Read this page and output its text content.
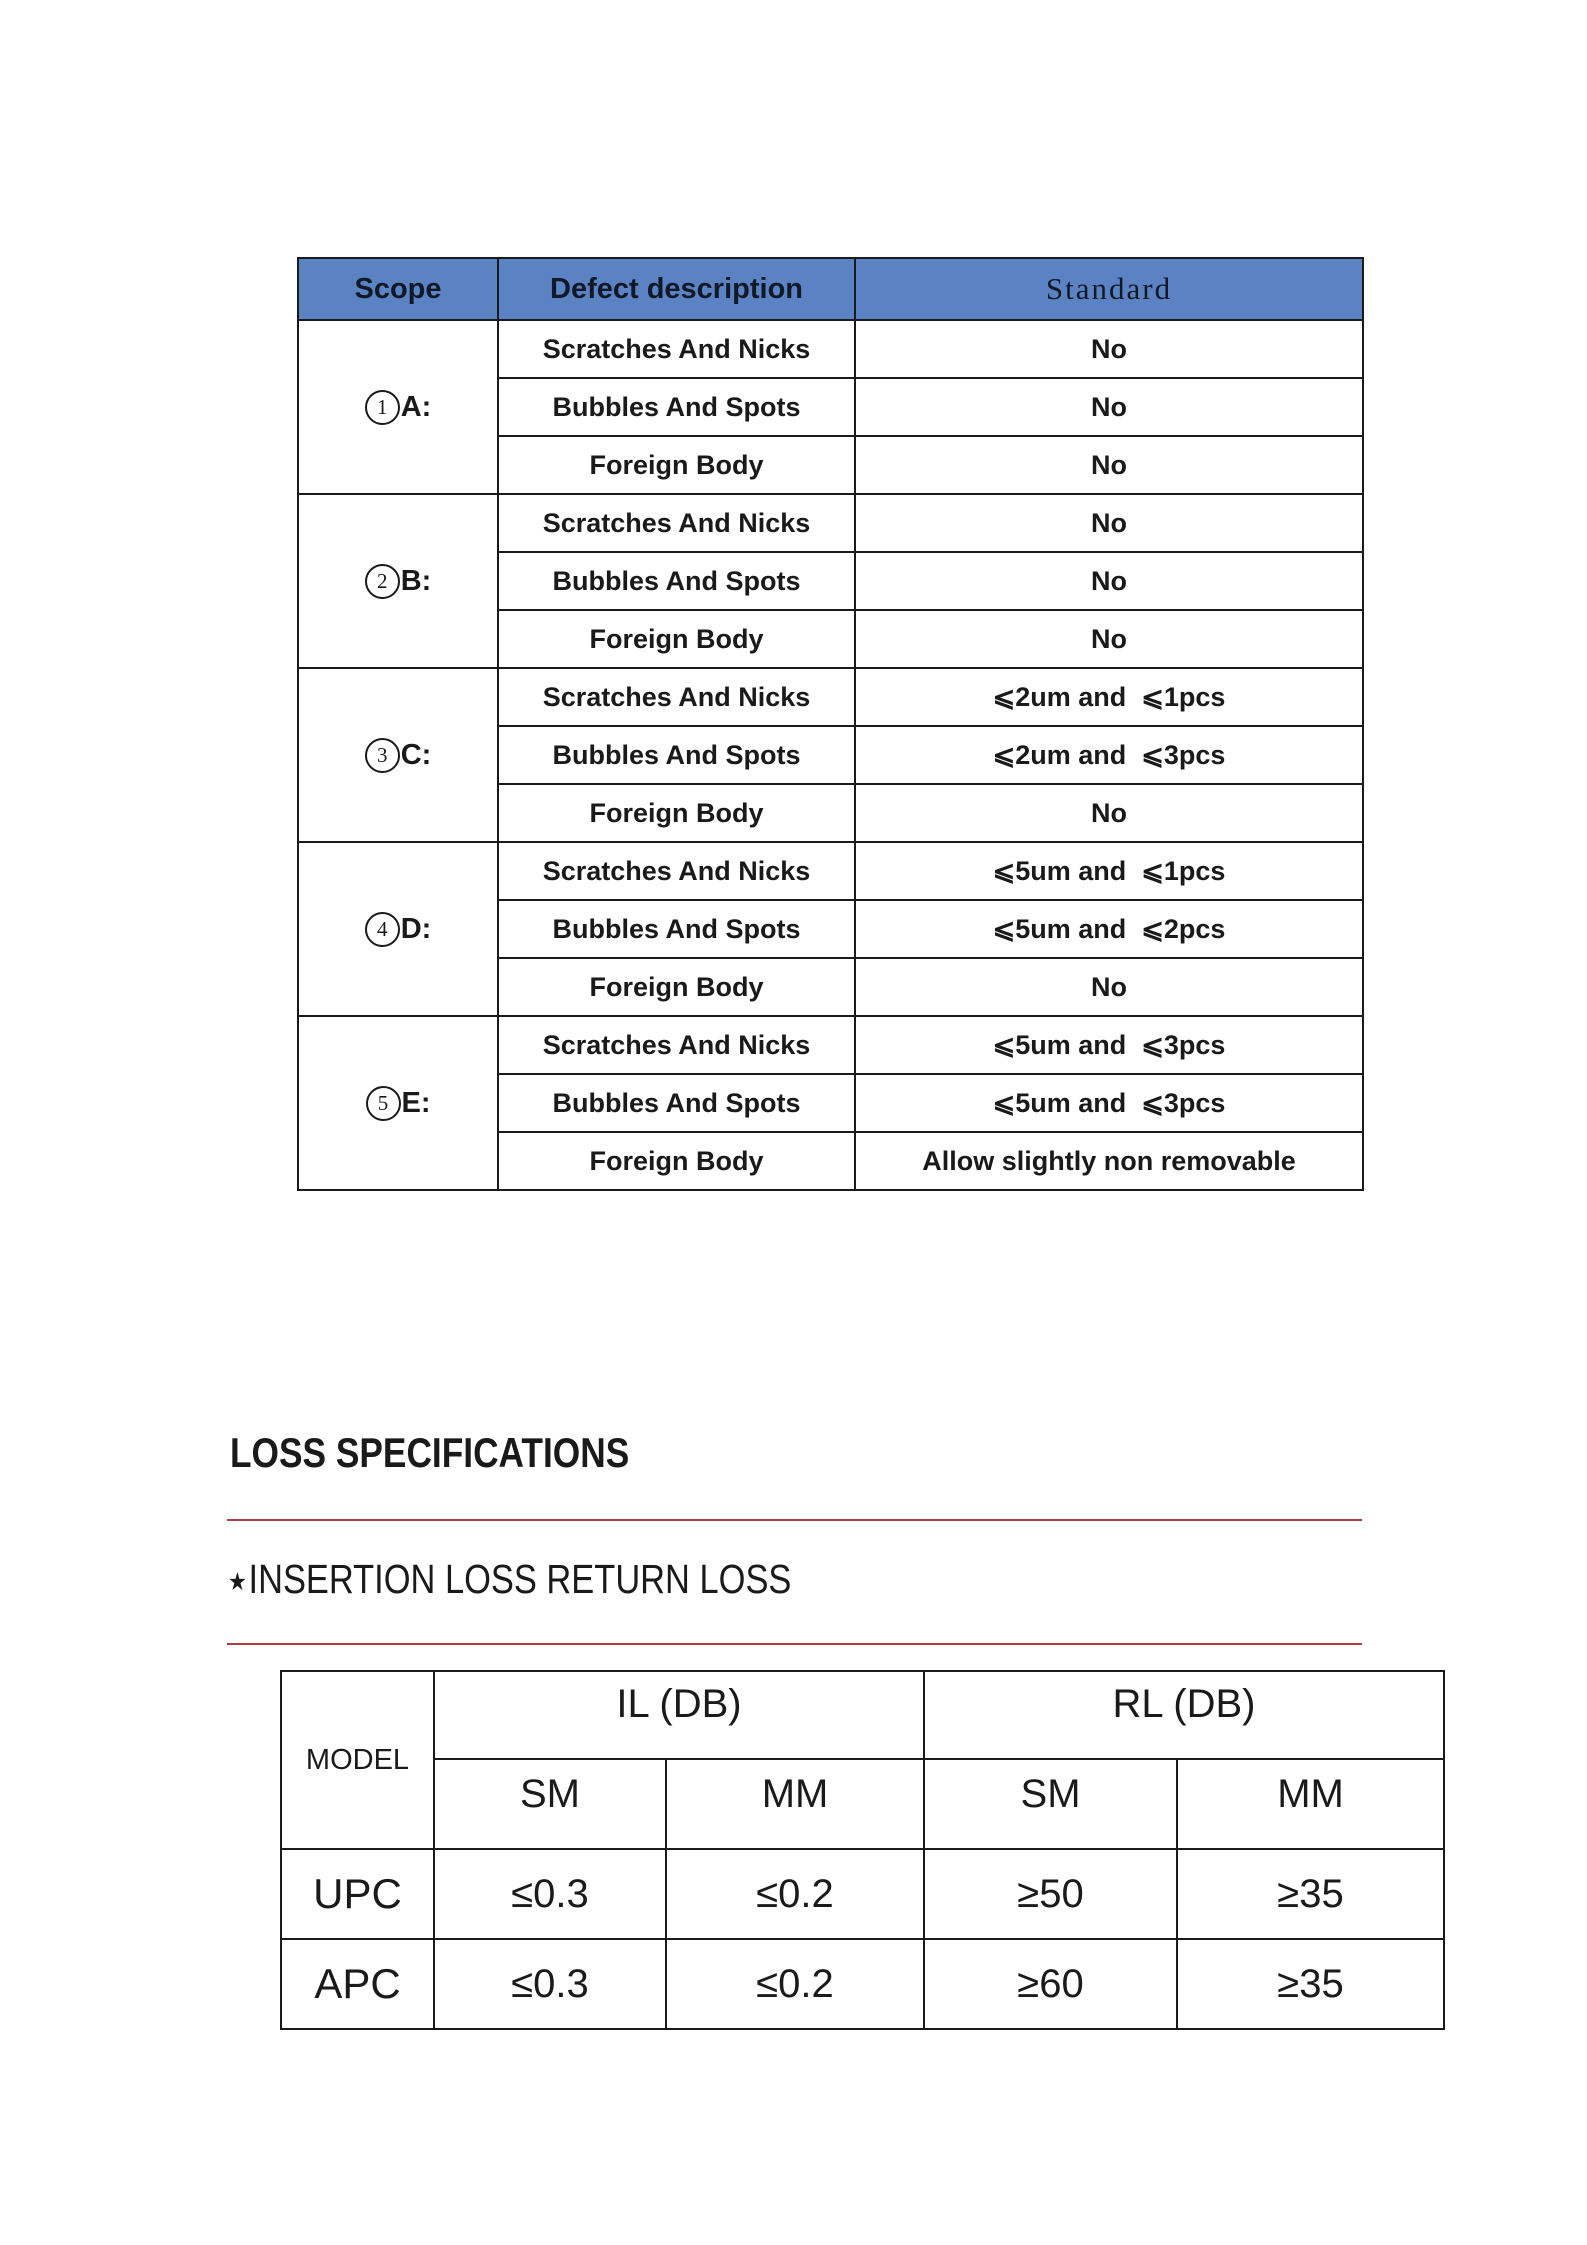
Scope	Defect description	Standard

1 A:	Scratches And Nicks	No
	Bubbles And Spots	No
	Foreign Body	No

2 B:	Scratches And Nicks	No
	Bubbles And Spots	No
	Foreign Body	No

3 C:	Scratches And Nicks	⩽2um and  ⩽1pcs
	Bubbles And Spots	⩽2um and  ⩽3pcs
	Foreign Body	No

4 D:	Scratches And Nicks	⩽5um and  ⩽1pcs
	Bubbles And Spots	⩽5um and  ⩽2pcs
	Foreign Body	No

5 E:	Scratches And Nicks	⩽5um and  ⩽3pcs
	Bubbles And Spots	⩽5um and  ⩽3pcs
	Foreign Body	Allow slightly non removable
LOSS SPECIFICATIONS
★INSERTION LOSS RETURN LOSS
MODEL	IL (DB)		RL (DB)	
	SM	MM	SM	MM
UPC	≤0.3	≤0.2	≥50	≥35
APC	≤0.3	≤0.2	≥60	≥35
